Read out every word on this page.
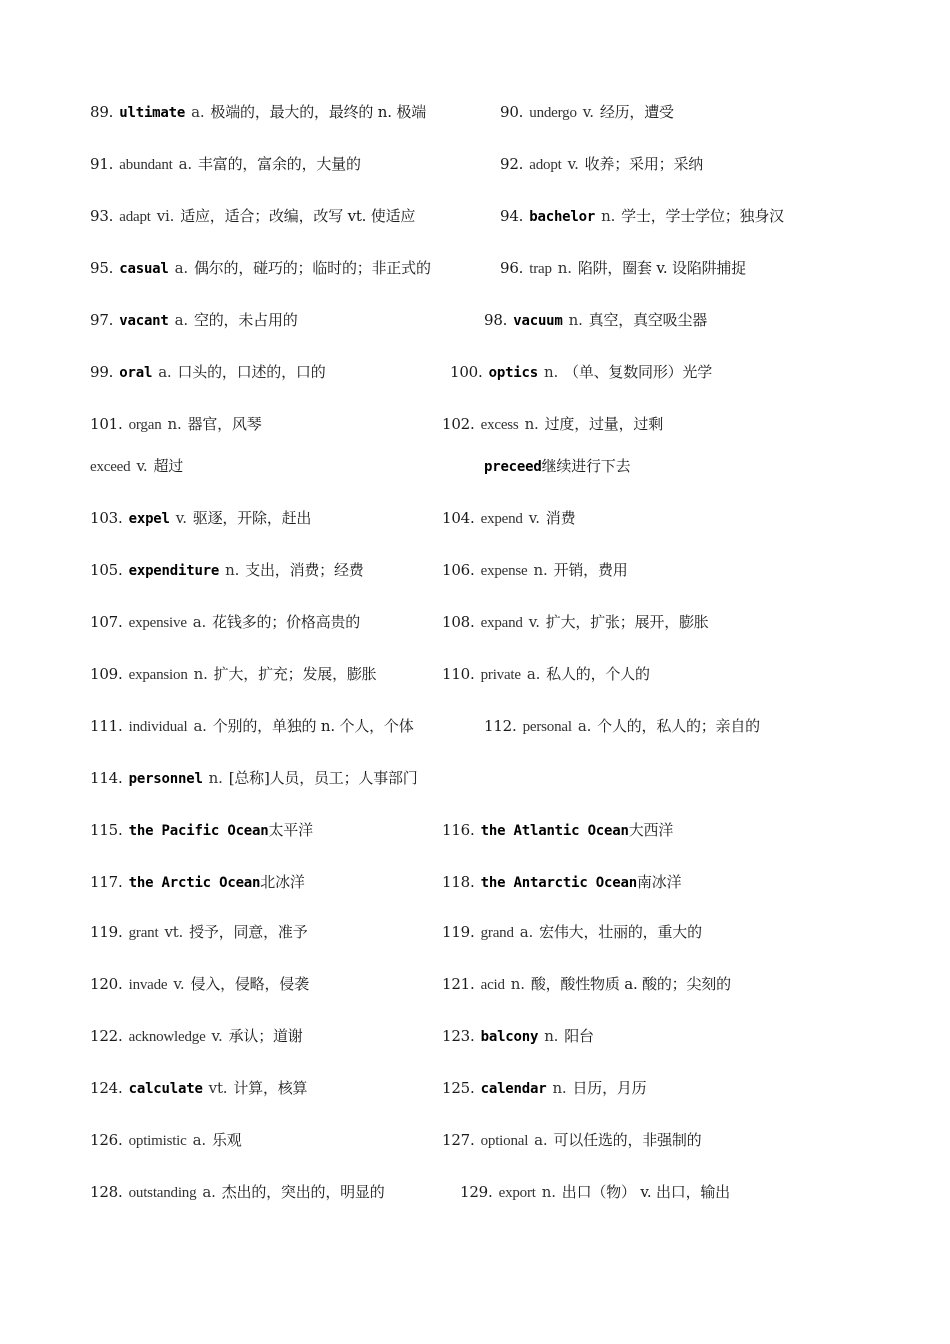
89. ultimate a. 极端的，最大的，最终的 n. 极端	90. undergo v. 经历，遭受
91. abundant a. 丰富的，富余的，大量的	92. adopt v. 收养；采用；采纳
93. adapt vi. 适应，适合；改编，改写 vt. 使适应	94. bachelor n. 学士，学士学位；独身汉
95. casual a. 偶尔的，碰巧的；临时的；非正式的	96. trap n. 陷阱，圈套 v. 设陷阱捕捉
97. vacant a. 空的，未占用的	98. vacuum n. 真空，真空吸尘器
99. oral a. 口头的，口述的，口的	100. optics n. （单、复数同形）光学
101. organ n. 器官，风琴	102. excess n. 过度，过量，过剩
exceed v. 超过	preceed继续进行下去
103. expel v. 驱逐，开除，赶出	104. expend v. 消费
105. expenditure n. 支出，消费；经费	106. expense n. 开销，费用
107. expensive a. 花钱多的；价格高贵的	108. expand v. 扩大，扩张；展开，膨胀
109. expansion n. 扩大，扩充；发展，膨胀	110. private a. 私人的，个人的
111. individual a. 个别的，单独的 n. 个人，个体	112. personal a. 个人的，私人的；亲自的
114. personnel n. [总称]人员，员工；人事部门
115. the Pacific Ocean太平洋	116. the Atlantic Ocean大西洋
117. the Arctic Ocean北冰洋	118. the Antarctic Ocean南冰洋
119. grant vt. 授予，同意，准予	119. grand a. 宏伟大，壮丽的，重大的
120. invade v. 侵入，侵略，侵袭	121. acid n. 酸，酸性物质 a. 酸的；尖刻的
122. acknowledge v. 承认；道谢	123. balcony n. 阳台
124. calculate vt. 计算，核算	125. calendar n. 日历，月历
126. optimistic a. 乐观	127. optional a. 可以任选的，非强制的
128. outstanding a. 杰出的，突出的，明显的	129. export n. 出口（物） v. 出口，输出
